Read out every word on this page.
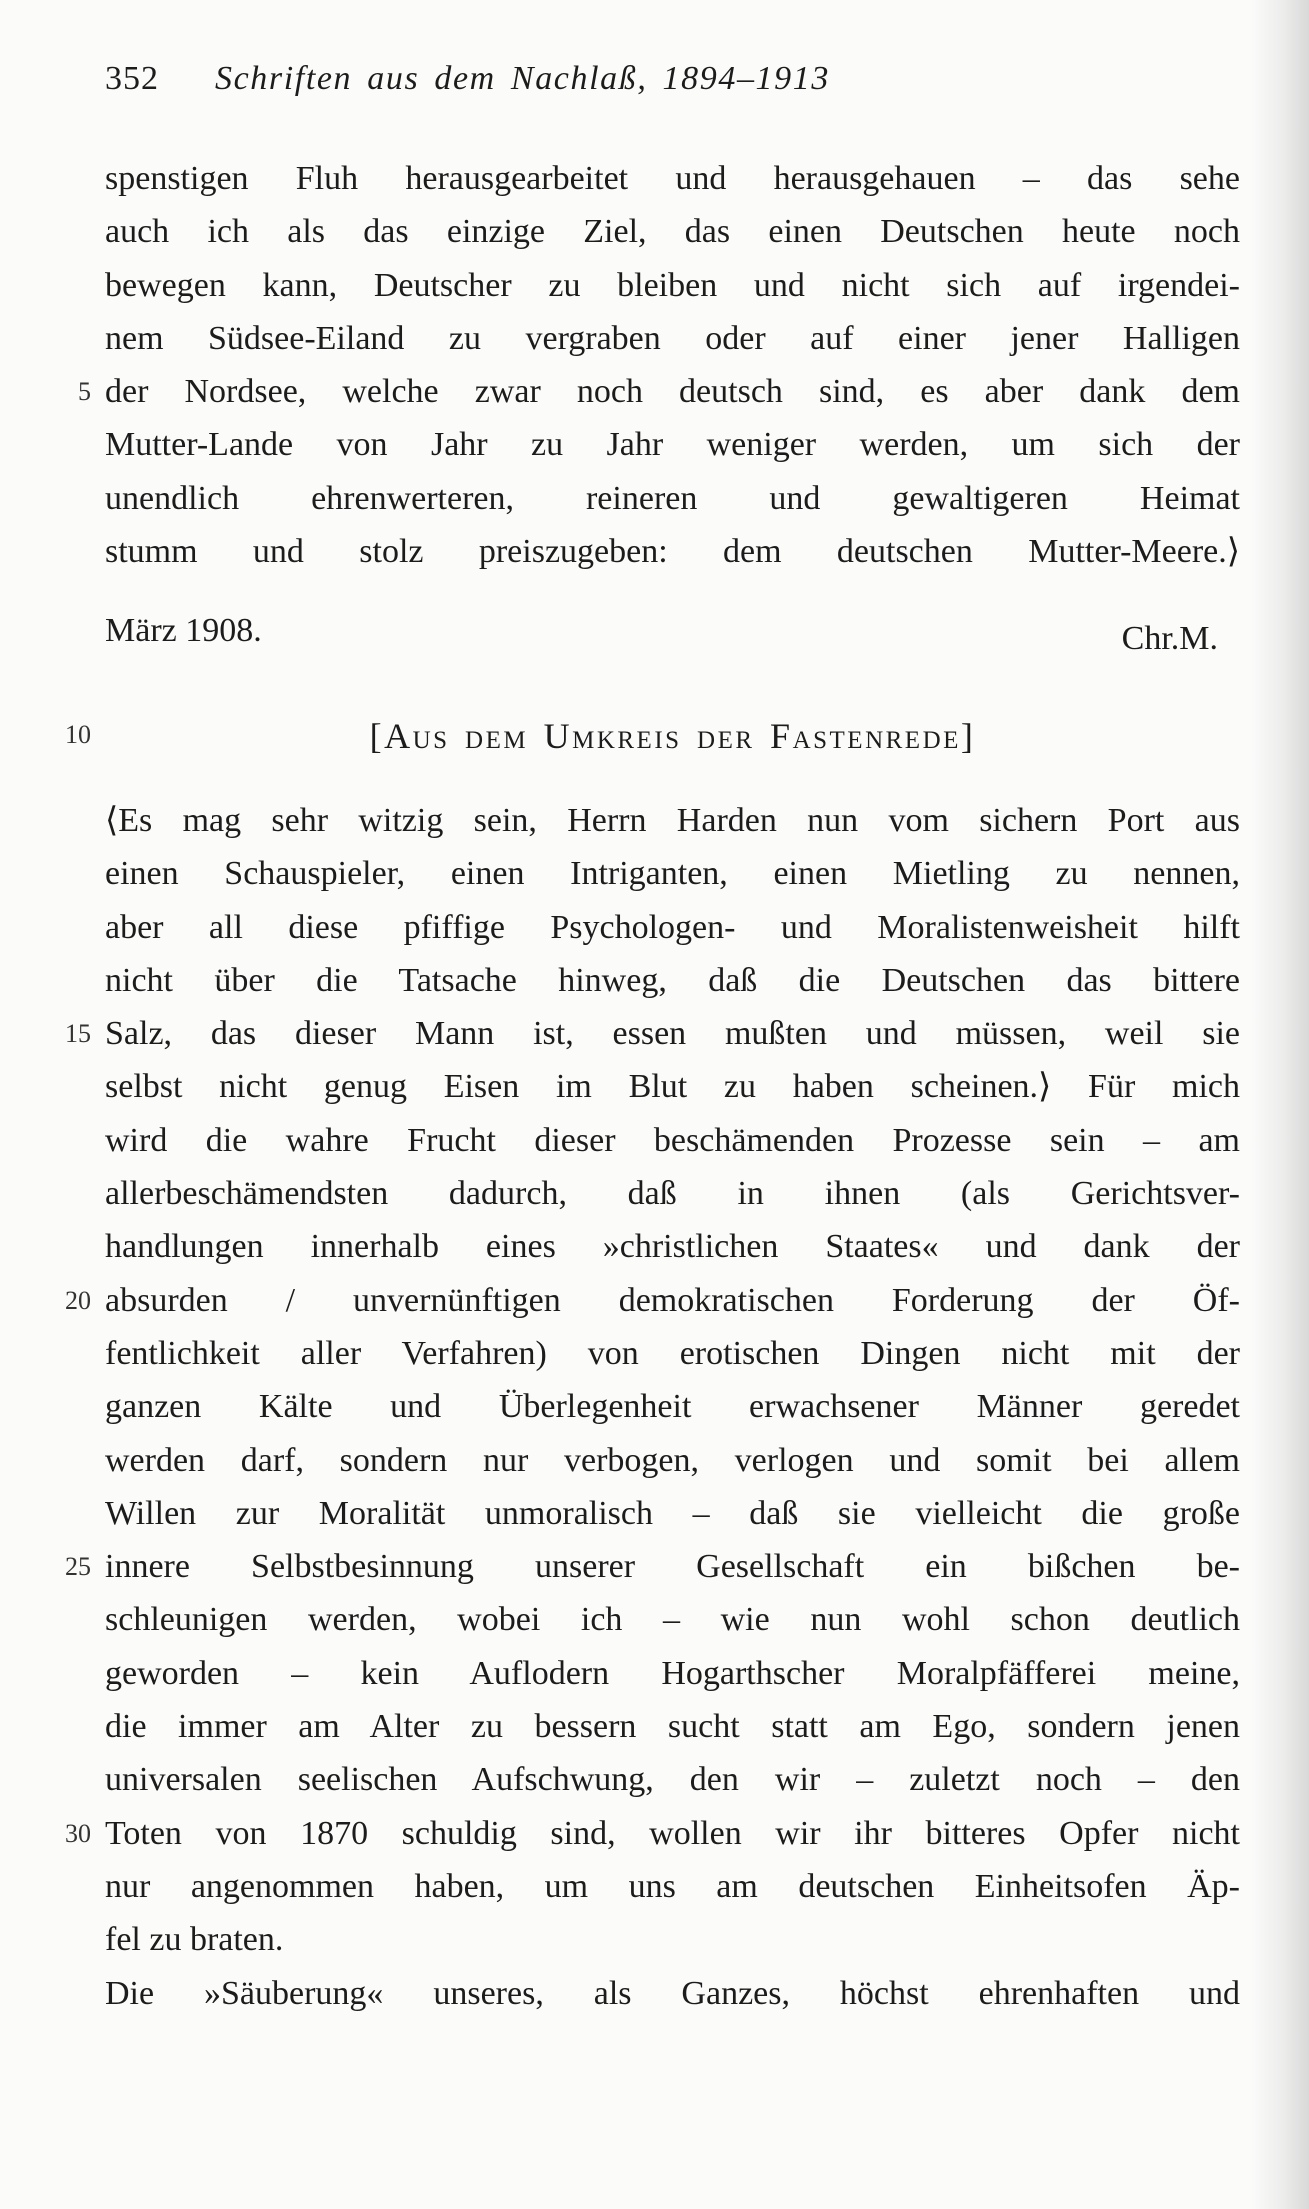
352 Schriften aus dem Nachlaß, 1894–1913
spenstigen Fluh herausgearbeitet und herausgehauen – das sehe
auch ich als das einzige Ziel, das einen Deutschen heute noch
bewegen kann, Deutscher zu bleiben und nicht sich auf irgendei-
nem Südsee-Eiland zu vergraben oder auf einer jener Halligen
5 der Nordsee, welche zwar noch deutsch sind, es aber dank dem
Mutter-Lande von Jahr zu Jahr weniger werden, um sich der
unendlich ehrenwerteren, reineren und gewaltigeren Heimat
stumm und stolz preiszugeben: dem deutschen Mutter-Meere.⟩
März 1908.	Chr.M.
10	[Aus dem Umkreis der Fastenrede]
⟨Es mag sehr witzig sein, Herrn Harden nun vom sichern Port aus
einen Schauspieler, einen Intriganten, einen Mietling zu nennen,
aber all diese pfiffige Psychologen- und Moralistenweisheit hilft
nicht über die Tatsache hinweg, daß die Deutschen das bittere
15 Salz, das dieser Mann ist, essen mußten und müssen, weil sie
selbst nicht genug Eisen im Blut zu haben scheinen.⟩ Für mich
wird die wahre Frucht dieser beschämenden Prozesse sein – am
allerbeschämendsten dadurch, daß in ihnen (als Gerichtsver-
handlungen innerhalb eines »christlichen Staates« und dank der
20 absurden / unvernünftigen demokratischen Forderung der Öf-
fentlichkeit aller Verfahren) von erotischen Dingen nicht mit der
ganzen Kälte und Überlegenheit erwachsener Männer geredet
werden darf, sondern nur verbogen, verlogen und somit bei allem
Willen zur Moralität unmoralisch – daß sie vielleicht die große
25 innere Selbstbesinnung unserer Gesellschaft ein bißchen be-
schleunigen werden, wobei ich – wie nun wohl schon deutlich
geworden – kein Auflodern Hogarthscher Moralpfäfferei meine,
die immer am Alter zu bessern sucht statt am Ego, sondern jenen
universalen seelischen Aufschwung, den wir – zuletzt noch – den
30 Toten von 1870 schuldig sind, wollen wir ihr bitteres Opfer nicht
nur angenommen haben, um uns am deutschen Einheitsofen Äp-
fel zu braten.
Die »Säuberung« unseres, als Ganzes, höchst ehrenhaften und
